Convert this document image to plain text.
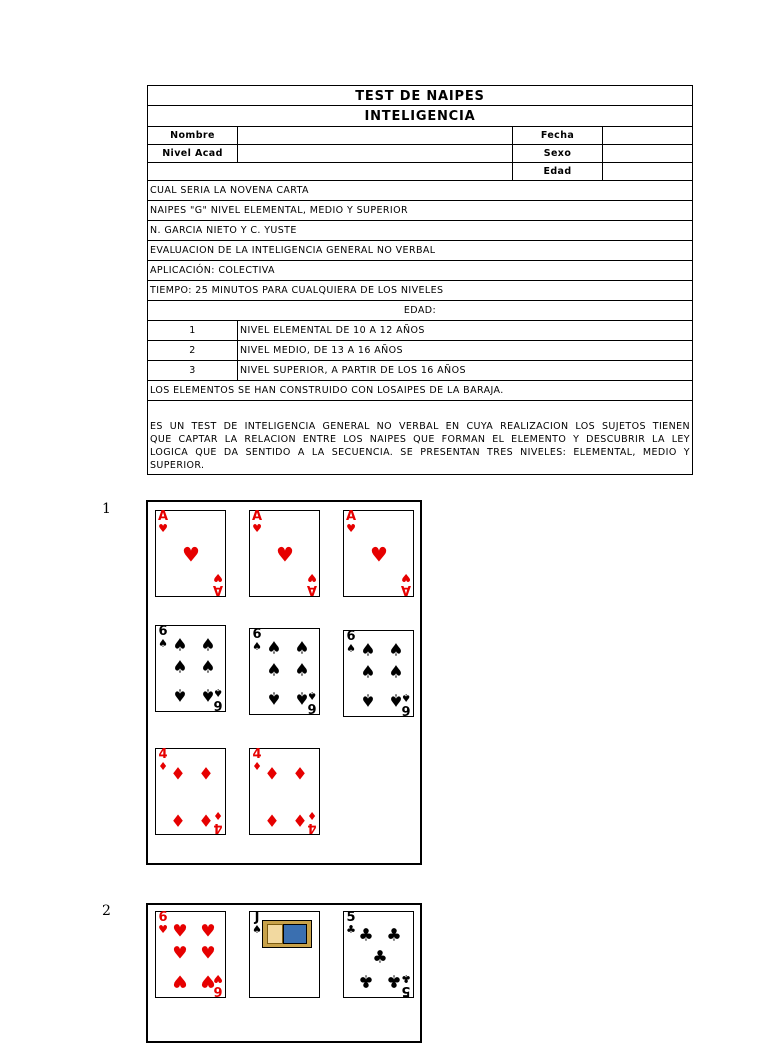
TEST DE NAIPES
INTELIGENCIA
Nombre	Fecha
Nivel Acad	Sexo
Edad
CUAL SERIA LA NOVENA CARTA
NAIPES "G" NIVEL ELEMENTAL, MEDIO Y SUPERIOR
N. GARCIA NIETO Y C. YUSTE
EVALUACION DE LA INTELIGENCIA GENERAL NO VERBAL
APLICACIÓN: COLECTIVA
TIEMPO: 25 MINUTOS PARA CUALQUIERA DE LOS NIVELES
EDAD:
1	NIVEL ELEMENTAL DE 10 A 12 AÑOS
2	NIVEL MEDIO, DE 13 A 16 AÑOS
3	NIVEL SUPERIOR, A PARTIR DE LOS 16 AÑOS
LOS ELEMENTOS SE HAN CONSTRUIDO CON LOSAIPES DE LA BARAJA.
ES UN TEST DE INTELIGENCIA GENERAL NO VERBAL EN CUYA REALIZACION LOS SUJETOS TIENEN
QUE CAPTAR LA RELACION ENTRE LOS NAIPES QUE FORMAN EL ELEMENTO Y DESCUBRIR LA LEY
LOGICA QUE DA SENTIDO A LA SECUENCIA. SE PRESENTAN TRES NIVELES: ELEMENTAL, MEDIO Y
SUPERIOR.
1	A
♥
A
♥
♥
A
♥
A
♥
♥
A
♥
A
♥
♥
6
♠
6
♠
♠ ♠
♠ ♠
♠ ♠
6
♠
6
♠
♠ ♠
♠ ♠
♠ ♠
6
♠
6
♠
♠ ♠
♠ ♠
♠ ♠
4
♦
4
♦
♦ ♦
♦ ♦
4
♦
4
♦
♦ ♦
♦ ♦
2	6
♥
6
♥
♥ ♥
♥ ♥
♥ ♥
J
♠
5
♣
5
♣
♣ ♣
♣
♣ ♣
